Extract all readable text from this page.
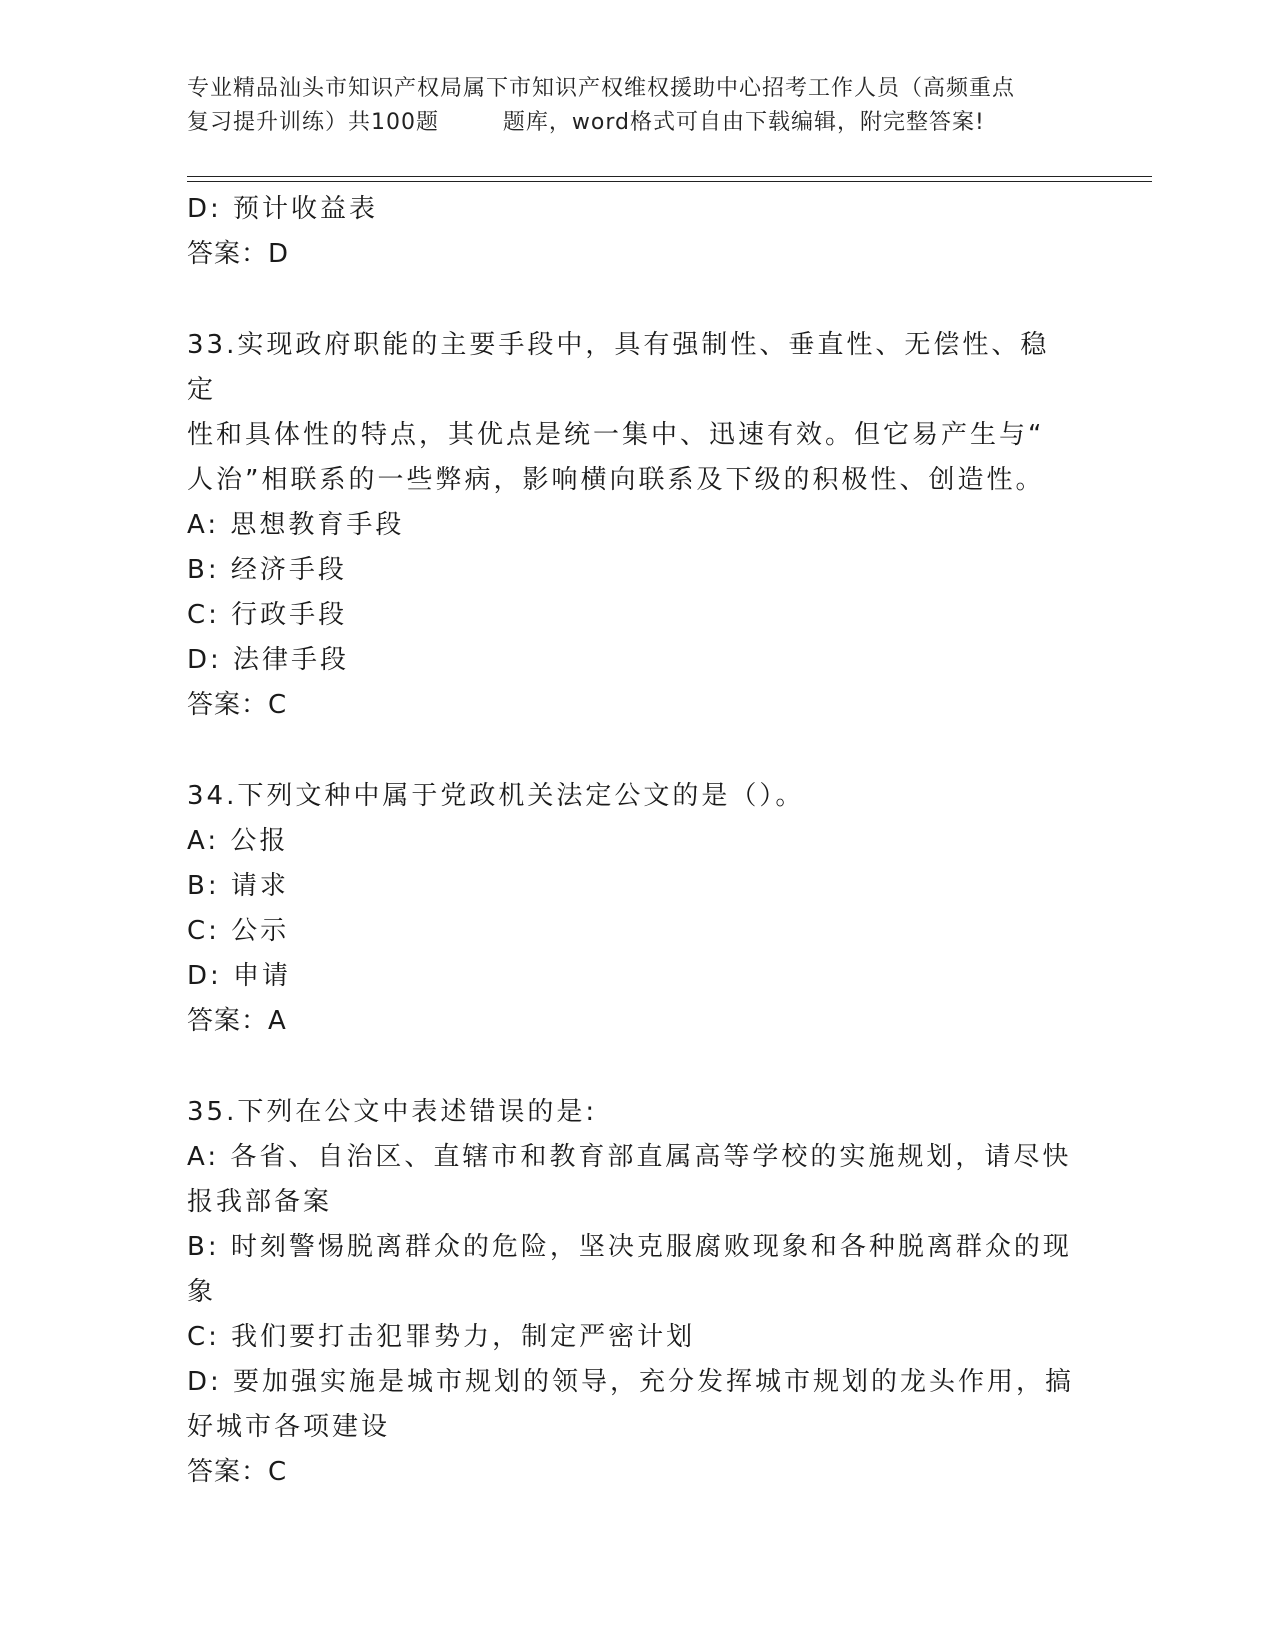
专业精品汕头市知识产权局属下市知识产权维权援助中心招考工作人员（高频重点
复习提升训练）共100题        题库，word格式可自由下载编辑，附完整答案!
D: 预计收益表
答案：D
33.实现政府职能的主要手段中，具有强制性、垂直性、无偿性、稳定
性和具体性的特点，其优点是统一集中、迅速有效。但它易产生与“
人治”相联系的一些弊病，影响横向联系及下级的积极性、创造性。
A: 思想教育手段
B: 经济手段
C: 行政手段
D: 法律手段
答案：C
34.下列文种中属于党政机关法定公文的是（）。
A: 公报
B: 请求
C: 公示
D: 申请
答案：A
35.下列在公文中表述错误的是:
A: 各省、自治区、直辖市和教育部直属高等学校的实施规划，请尽快
报我部备案
B: 时刻警惕脱离群众的危险，坚决克服腐败现象和各种脱离群众的现
象
C: 我们要打击犯罪势力，制定严密计划
D: 要加强实施是城市规划的领导，充分发挥城市规划的龙头作用，搞
好城市各项建设
答案：C
